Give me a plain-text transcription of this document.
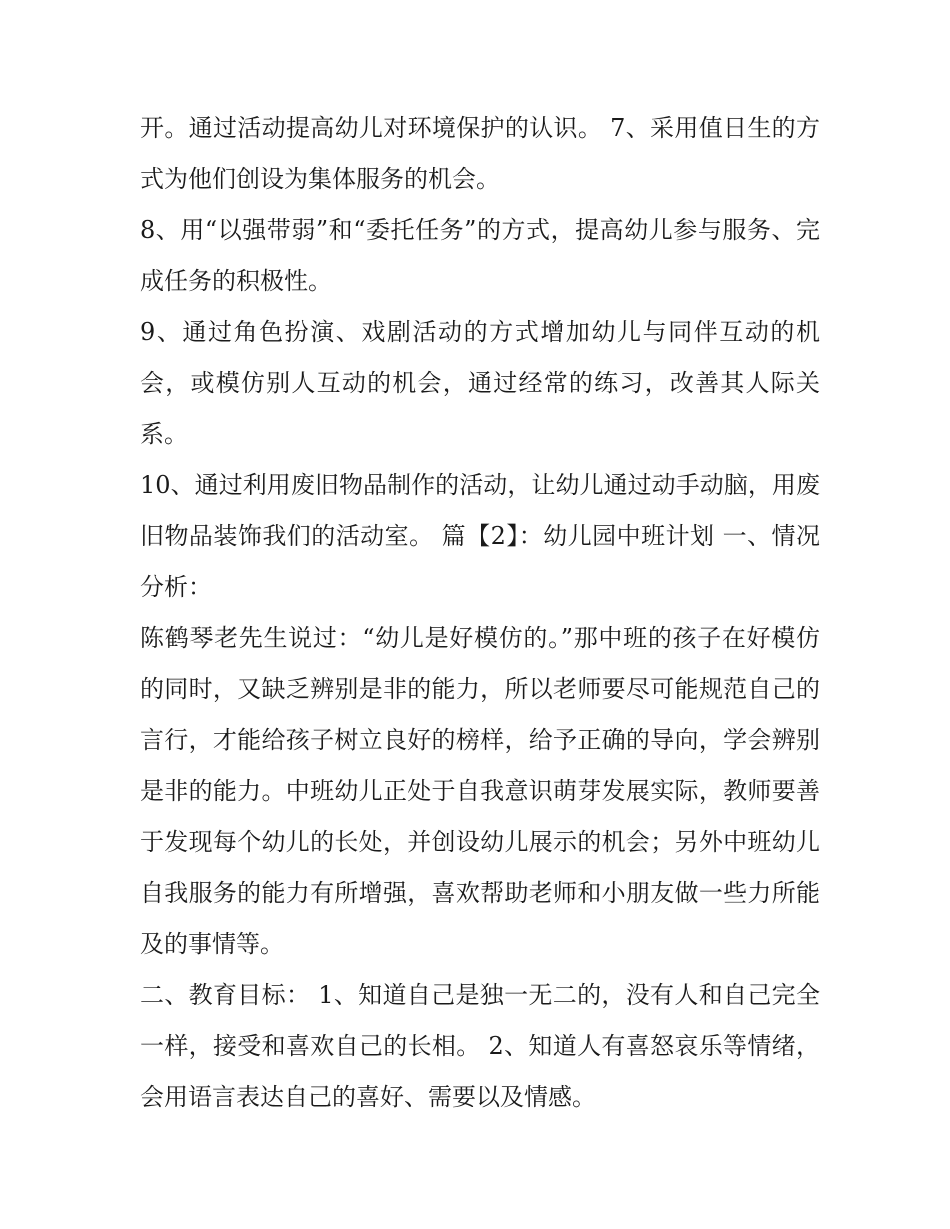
开。通过活动提高幼儿对环境保护的认识。 7、采用值日生的方式为他们创设为集体服务的机会。

8、用“以强带弱”和“委托任务”的方式，提高幼儿参与服务、完成任务的积极性。

9、通过角色扮演、戏剧活动的方式增加幼儿与同伴互动的机会，或模仿别人互动的机会，通过经常的练习，改善其人际关系。

10、通过利用废旧物品制作的活动，让幼儿通过动手动脑，用废旧物品装饰我们的活动室。 篇【2】：幼儿园中班计划 一、情况分析：

陈鹤琴老先生说过：“幼儿是好模仿的。”那中班的孩子在好模仿的同时，又缺乏辨别是非的能力，所以老师要尽可能规范自己的言行，才能给孩子树立良好的榜样，给予正确的导向，学会辨别是非的能力。中班幼儿正处于自我意识萌芽发展实际，教师要善于发现每个幼儿的长处，并创设幼儿展示的机会；另外中班幼儿自我服务的能力有所增强，喜欢帮助老师和小朋友做一些力所能及的事情等。

二、教育目标： 1、知道自己是独一无二的，没有人和自己完全一样，接受和喜欢自己的长相。 2、知道人有喜怒哀乐等情绪，会用语言表达自己的喜好、需要以及情感。
